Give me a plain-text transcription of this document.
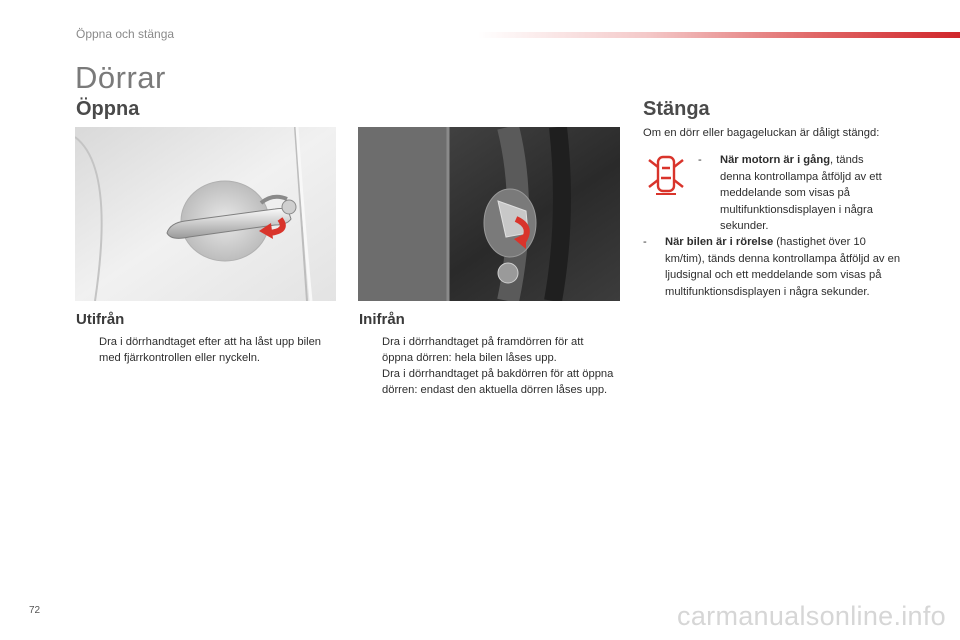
Öppna och stänga
Dörrar
Öppna	Stänga
Utifrån	Inifrån
Dra i dörrhandtaget efter att ha låst upp bilen med fjärrkontrollen eller nyckeln.
Dra i dörrhandtaget på framdörren för att öppna dörren: hela bilen låses upp.
Dra i dörrhandtaget på bakdörren för att öppna dörren: endast den aktuella dörren låses upp.
Om en dörr eller bagageluckan är dåligt stängd:
- När motorn är i gång, tänds denna kontrollampa åtföljd av ett meddelande som visas på multifunktionsdisplayen i några sekunder.
- När bilen är i rörelse (hastighet över 10 km/tim), tänds denna kontrollampa åtföljd av en ljudsignal och ett meddelande som visas på multifunktionsdisplayen i några sekunder.
72	carmanualsonline.info
